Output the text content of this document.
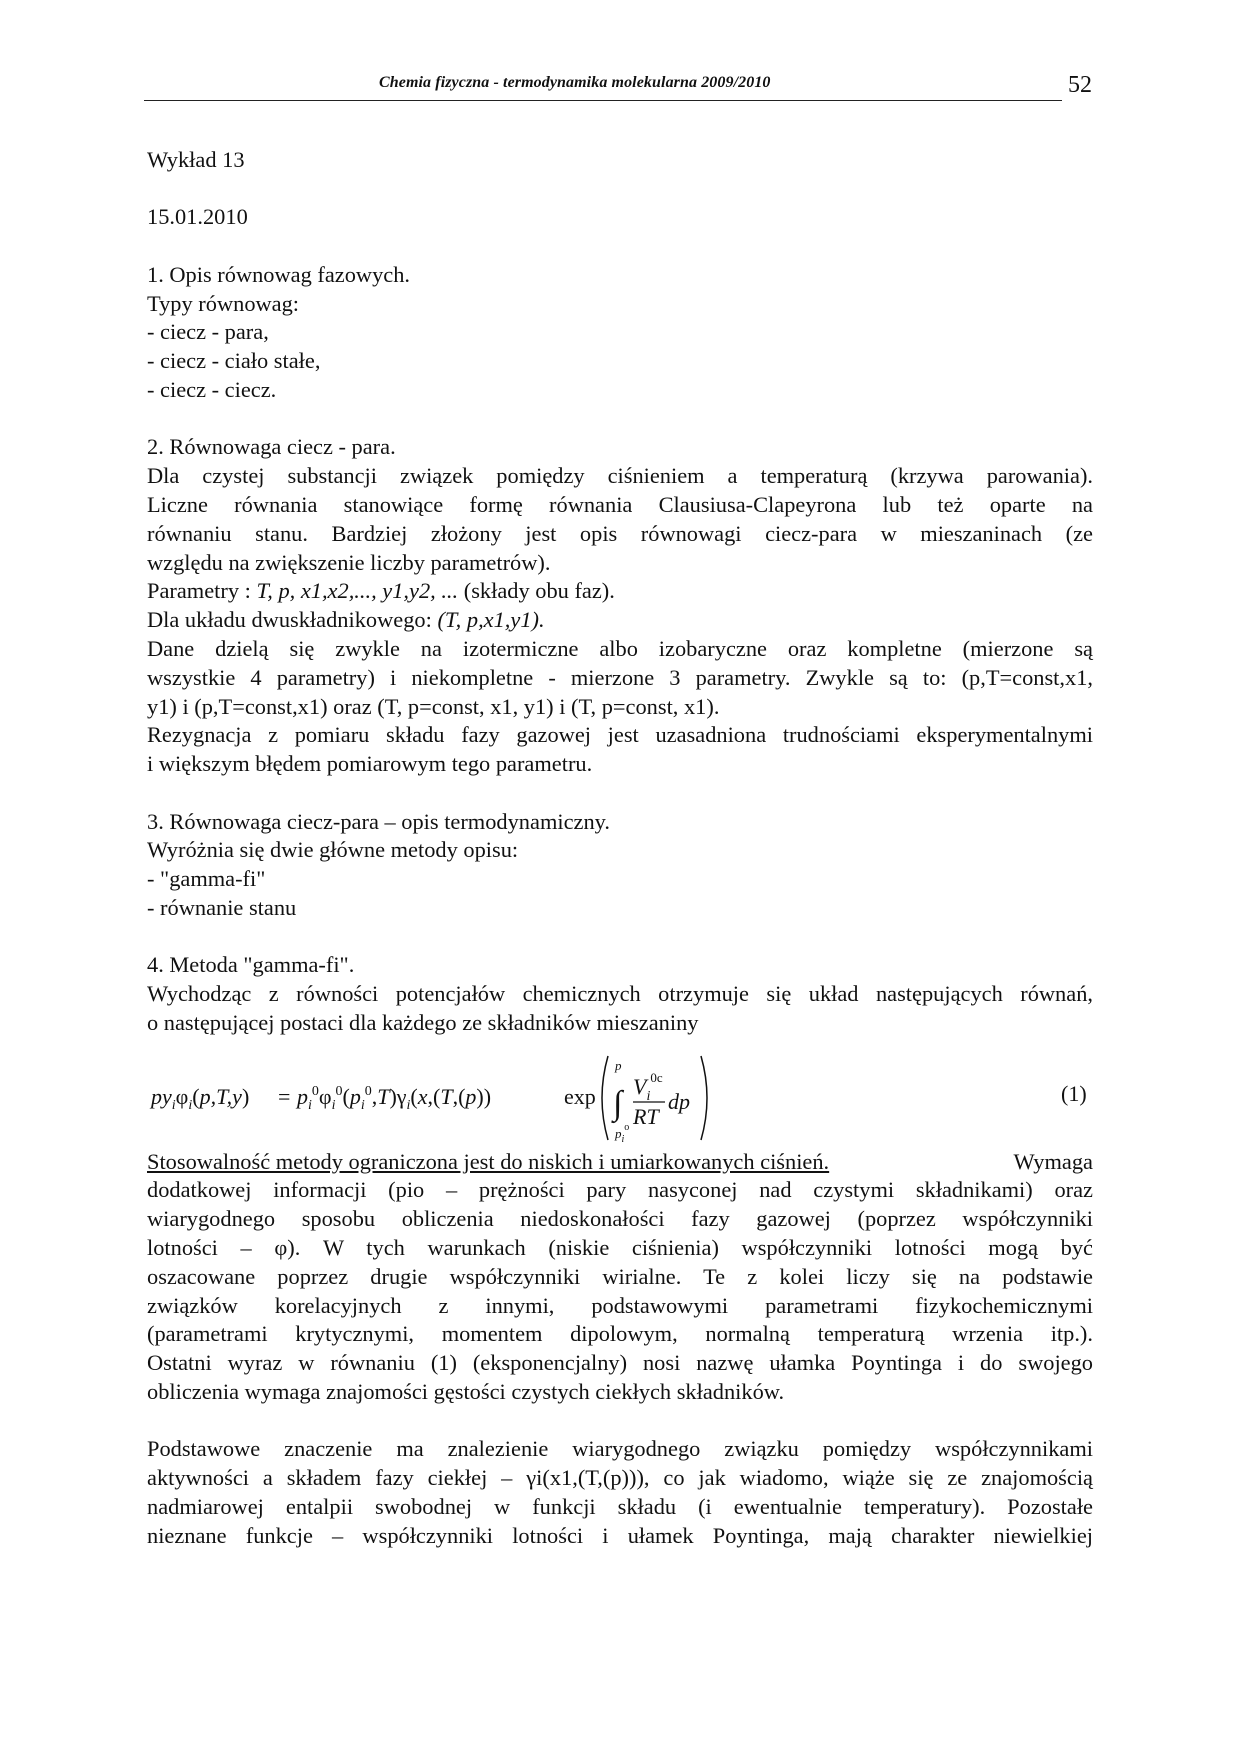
Chemia fizyczna - termodynamika molekularna 2009/2010	52
Wykład 13
15.01.2010
1. Opis równowag fazowych.
Typy równowag:
- ciecz - para,
- ciecz - ciało stałe,
- ciecz - ciecz.
2. Równowaga ciecz - para.
Dla czystej substancji związek pomiędzy ciśnieniem a temperaturą (krzywa parowania).
Liczne równania stanowiące formę równania Clausiusa-Clapeyrona lub też oparte na
równaniu stanu. Bardziej złożony jest opis równowagi ciecz-para w mieszaninach (ze
względu na zwiększenie liczby parametrów).
Parametry : T, p, x1,x2,..., y1,y2, ... (składy obu faz).
Dla układu dwuskładnikowego: (T, p,x1,y1).
Dane dzielą się zwykle na izotermiczne albo izobaryczne oraz kompletne (mierzone są
wszystkie 4 parametry) i niekompletne - mierzone 3 parametry. Zwykle są to: (p,T=const,x1,
y1) i (p,T=const,x1) oraz (T, p=const, x1, y1) i (T, p=const, x1).
Rezygnacja z pomiaru składu fazy gazowej jest uzasadniona trudnościami eksperymentalnymi
i większym błędem pomiarowym tego parametru.
3. Równowaga ciecz-para – opis termodynamiczny.
Wyróżnia się dwie główne metody opisu:
- "gamma-fi"
- równanie stanu
4. Metoda "gamma-fi".
Wychodząc z równości potencjałów chemicznych otrzymuje się układ następujących równań,
o następującej postaci dla każdego ze składników mieszaniny
$py_i\varphi_i(p,T,y) = p_i^0\varphi_i^0(p_i^0,T)\gamma_i(x,(T,(p))$	exp ∫
p
$p_i^o$
$V_i^{0c}$
RT
dp	(1)
Stosowalność metody ograniczona jest do niskich i umiarkowanych ciśnień.	Wymaga
dodatkowej informacji (pio – prężności pary nasyconej nad czystymi składnikami) oraz
wiarygodnego sposobu obliczenia niedoskonałości fazy gazowej (poprzez współczynniki
lotności – φ). W tych warunkach (niskie ciśnienia) współczynniki lotności mogą być
oszacowane poprzez drugie współczynniki wirialne. Te z kolei liczy się na podstawie
związków korelacyjnych z innymi, podstawowymi parametrami fizykochemicznymi
(parametrami krytycznymi, momentem dipolowym, normalną temperaturą wrzenia itp.).
Ostatni wyraz w równaniu (1) (eksponencjalny) nosi nazwę ułamka Poyntinga i do swojego
obliczenia wymaga znajomości gęstości czystych ciekłych składników.
Podstawowe znaczenie ma znalezienie wiarygodnego związku pomiędzy współczynnikami
aktywności a składem fazy ciekłej – γi(x1,(T,(p))), co jak wiadomo, wiąże się ze znajomością
nadmiarowej entalpii swobodnej w funkcji składu (i ewentualnie temperatury). Pozostałe
nieznane funkcje – współczynniki lotności i ułamek Poyntinga, mają charakter niewielkiej
